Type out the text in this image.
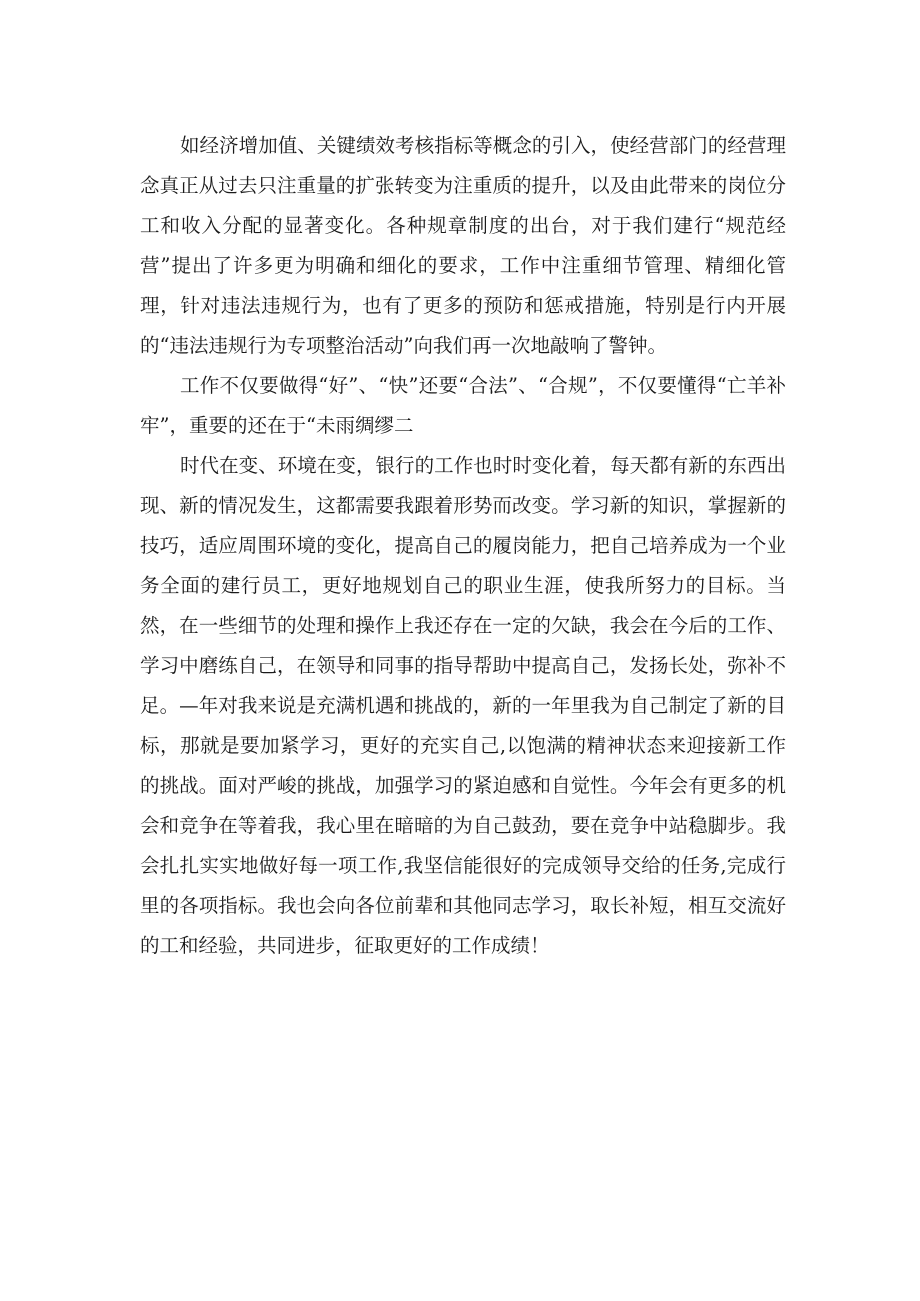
如经济增加值、关键绩效考核指标等概念的引入，使经营部门的经营理念真正从过去只注重量的扩张转变为注重质的提升，以及由此带来的岗位分工和收入分配的显著变化。各种规章制度的出台，对于我们建行“规范经营”提出了许多更为明确和细化的要求，工作中注重细节管理、精细化管理，针对违法违规行为，也有了更多的预防和惩戒措施，特别是行内开展的“违法违规行为专项整治活动”向我们再一次地敲响了警钟。

工作不仅要做得“好”、“快”还要“合法”、“合规”，不仅要懂得“亡羊补牢”，重要的还在于“未雨绸缪二

时代在变、环境在变，银行的工作也时时变化着，每天都有新的东西出现、新的情况发生，这都需要我跟着形势而改变。学习新的知识，掌握新的技巧，适应周围环境的变化，提高自己的履岗能力，把自己培养成为一个业务全面的建行员工，更好地规划自己的职业生涯，使我所努力的目标。当然，在一些细节的处理和操作上我还存在一定的欠缺，我会在今后的工作、学习中磨练自己，在领导和同事的指导帮助中提高自己，发扬长处，弥补不足。—年对我来说是充满机遇和挑战的，新的一年里我为自己制定了新的目标，那就是要加紧学习，更好的充实自己,以饱满的精神状态来迎接新工作的挑战。面对严峻的挑战，加强学习的紧迫感和自觉性。今年会有更多的机会和竞争在等着我，我心里在暗暗的为自己鼓劲，要在竞争中站稳脚步。我会扎扎实实地做好每一项工作,我坚信能很好的完成领导交给的任务,完成行里的各项指标。我也会向各位前辈和其他同志学习，取长补短，相互交流好的工和经验，共同进步，征取更好的工作成绩！
